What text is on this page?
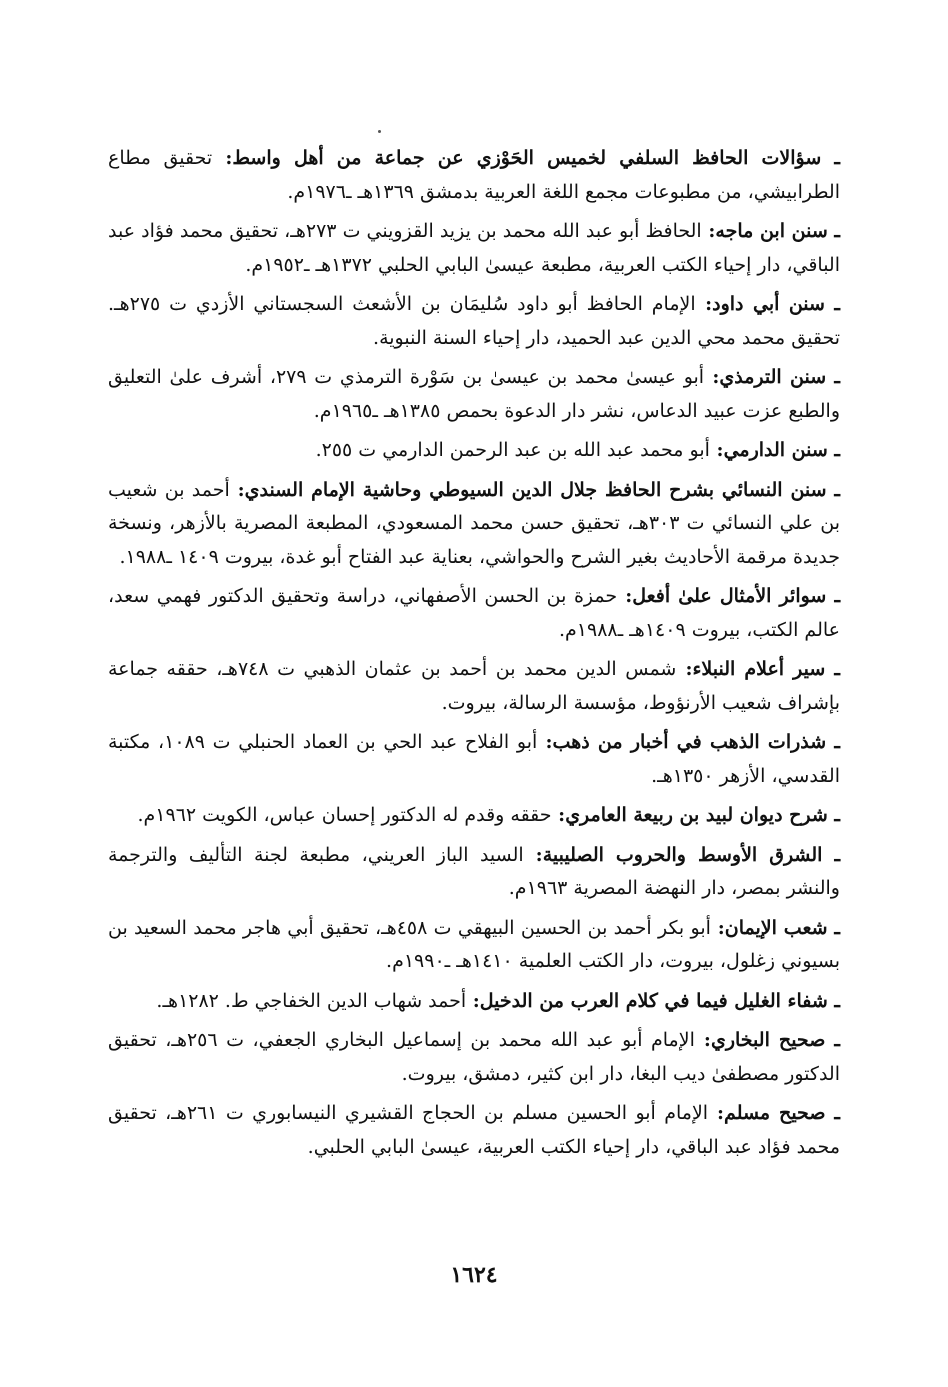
ـ سؤالات الحافظ السلفي لخميس الحَوْزي عن جماعة من أهل واسط: تحقيق مطاع الطرابيشي، من مطبوعات مجمع اللغة العربية بدمشق ١٣٦٩هـ ـ١٩٧٦م.

ـ سنن ابن ماجه: الحافظ أبو عبد الله محمد بن يزيد القزويني ت ٢٧٣هـ، تحقيق محمد فؤاد عبد الباقي، دار إحياء الكتب العربية، مطبعة عيسىٰ البابي الحلبي ١٣٧٢هـ ـ١٩٥٢م.

ـ سنن أبي داود: الإمام الحافظ أبو داود سُليمَان بن الأشعث السجستاني الأزدي ت ٢٧٥هـ. تحقيق محمد محي الدين عبد الحميد، دار إحياء السنة النبوية.

ـ سنن الترمذي: أبو عيسىٰ محمد بن عيسىٰ بن سَوْرة الترمذي ت ٢٧٩، أشرف علىٰ التعليق والطبع عزت عبيد الدعاس، نشر دار الدعوة بحمص ١٣٨٥هـ ـ١٩٦٥م.

ـ سنن الدارمي: أبو محمد عبد الله بن عبد الرحمن الدارمي ت ٢٥٥.

ـ سنن النسائي بشرح الحافظ جلال الدين السيوطي وحاشية الإمام السندي: أحمد بن شعيب بن علي النسائي ت ٣٠٣هـ، تحقيق حسن محمد المسعودي، المطبعة المصرية بالأزهر، ونسخة جديدة مرقمة الأحاديث بغير الشرح والحواشي، بعناية عبد الفتاح أبو غدة، بيروت ١٤٠٩ ـ١٩٨٨.

ـ سوائر الأمثال علىٰ أفعل: حمزة بن الحسن الأصفهاني، دراسة وتحقيق الدكتور فهمي سعد، عالم الكتب، بيروت ١٤٠٩هـ ـ١٩٨٨م.

ـ سير أعلام النبلاء: شمس الدين محمد بن أحمد بن عثمان الذهبي ت ٧٤٨هـ، حققه جماعة بإشراف شعيب الأرنؤوط، مؤسسة الرسالة، بيروت.

ـ شذرات الذهب في أخبار من ذهب: أبو الفلاح عبد الحي بن العماد الحنبلي ت ١٠٨٩، مكتبة القدسي، الأزهر ١٣٥٠هـ.

ـ شرح ديوان لبيد بن ربيعة العامري: حققه وقدم له الدكتور إحسان عباس، الكويت ١٩٦٢م.

ـ الشرق الأوسط والحروب الصليبية: السيد الباز العريني، مطبعة لجنة التأليف والترجمة والنشر بمصر، دار النهضة المصرية ١٩٦٣م.

ـ شعب الإيمان: أبو بكر أحمد بن الحسين البيهقي ت ٤٥٨هـ، تحقيق أبي هاجر محمد السعيد بن بسيوني زغلول، بيروت، دار الكتب العلمية ١٤١٠هـ ـ١٩٩٠م.

ـ شفاء الغليل فيما في كلام العرب من الدخيل: أحمد شهاب الدين الخفاجي ط. ١٢٨٢هـ.

ـ صحيح البخاري: الإمام أبو عبد الله محمد بن إسماعيل البخاري الجعفي، ت ٢٥٦هـ، تحقيق الدكتور مصطفىٰ ديب البغا، دار ابن كثير، دمشق، بيروت.

ـ صحيح مسلم: الإمام أبو الحسين مسلم بن الحجاج القشيري النيسابوري ت ٢٦١هـ، تحقيق محمد فؤاد عبد الباقي، دار إحياء الكتب العربية، عيسىٰ البابي الحلبي.

١٦٢٤
